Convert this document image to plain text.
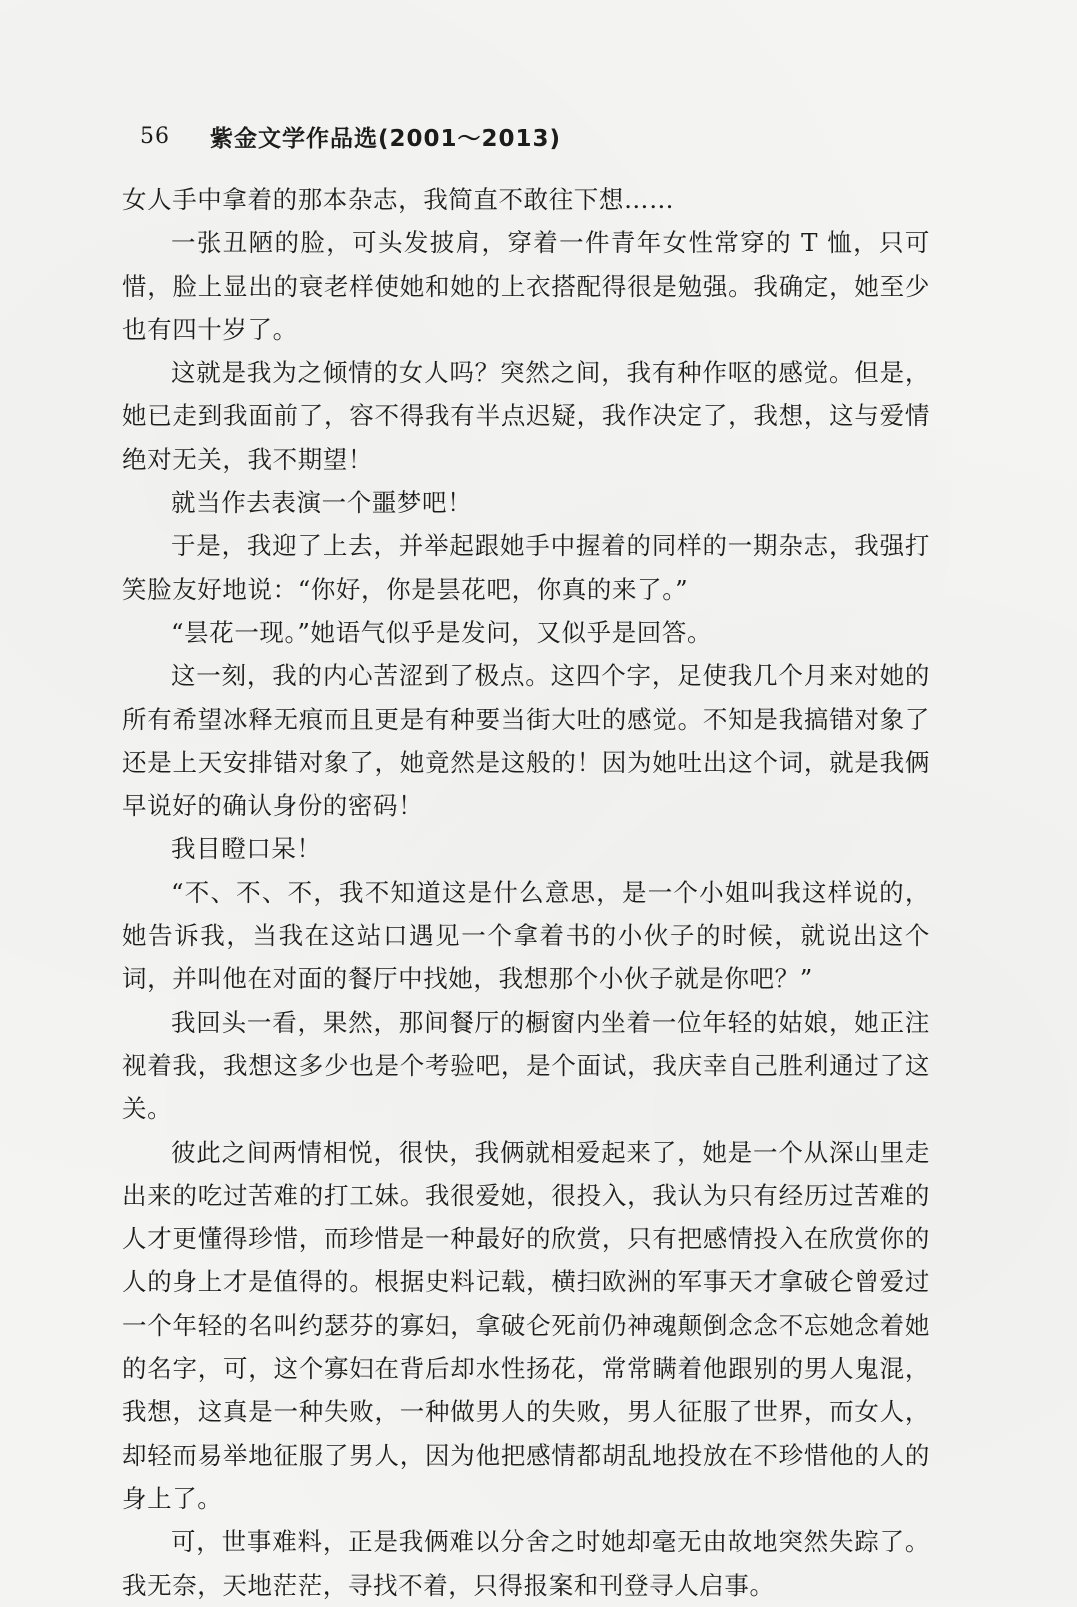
56 紫金文学作品选(2001～2013)

女人手中拿着的那本杂志，我简直不敢往下想……

一张丑陋的脸，可头发披肩，穿着一件青年女性常穿的 T 恤，只可惜，脸上显出的衰老样使她和她的上衣搭配得很是勉强。我确定，她至少也有四十岁了。

这就是我为之倾情的女人吗？突然之间，我有种作呕的感觉。但是，她已走到我面前了，容不得我有半点迟疑，我作决定了，我想，这与爱情绝对无关，我不期望！

就当作去表演一个噩梦吧！

于是，我迎了上去，并举起跟她手中握着的同样的一期杂志，我强打笑脸友好地说：“你好，你是昙花吧，你真的来了。”

“昙花一现。”她语气似乎是发问，又似乎是回答。

这一刻，我的内心苦涩到了极点。这四个字，足使我几个月来对她的所有希望冰释无痕而且更是有种要当街大吐的感觉。不知是我搞错对象了还是上天安排错对象了，她竟然是这般的！因为她吐出这个词，就是我俩早说好的确认身份的密码！

我目瞪口呆！

“不、不、不，我不知道这是什么意思，是一个小姐叫我这样说的，她告诉我，当我在这站口遇见一个拿着书的小伙子的时候，就说出这个词，并叫他在对面的餐厅中找她，我想那个小伙子就是你吧？”

我回头一看，果然，那间餐厅的橱窗内坐着一位年轻的姑娘，她正注视着我，我想这多少也是个考验吧，是个面试，我庆幸自己胜利通过了这关。

彼此之间两情相悦，很快，我俩就相爱起来了，她是一个从深山里走出来的吃过苦难的打工妹。我很爱她，很投入，我认为只有经历过苦难的人才更懂得珍惜，而珍惜是一种最好的欣赏，只有把感情投入在欣赏你的人的身上才是值得的。根据史料记载，横扫欧洲的军事天才拿破仑曾爱过一个年轻的名叫约瑟芬的寡妇，拿破仑死前仍神魂颠倒念念不忘她念着她的名字，可，这个寡妇在背后却水性扬花，常常瞒着他跟别的男人鬼混，我想，这真是一种失败，一种做男人的失败，男人征服了世界，而女人，却轻而易举地征服了男人，因为他把感情都胡乱地投放在不珍惜他的人的身上了。

可，世事难料，正是我俩难以分舍之时她却毫无由故地突然失踪了。我无奈，天地茫茫，寻找不着，只得报案和刊登寻人启事。
